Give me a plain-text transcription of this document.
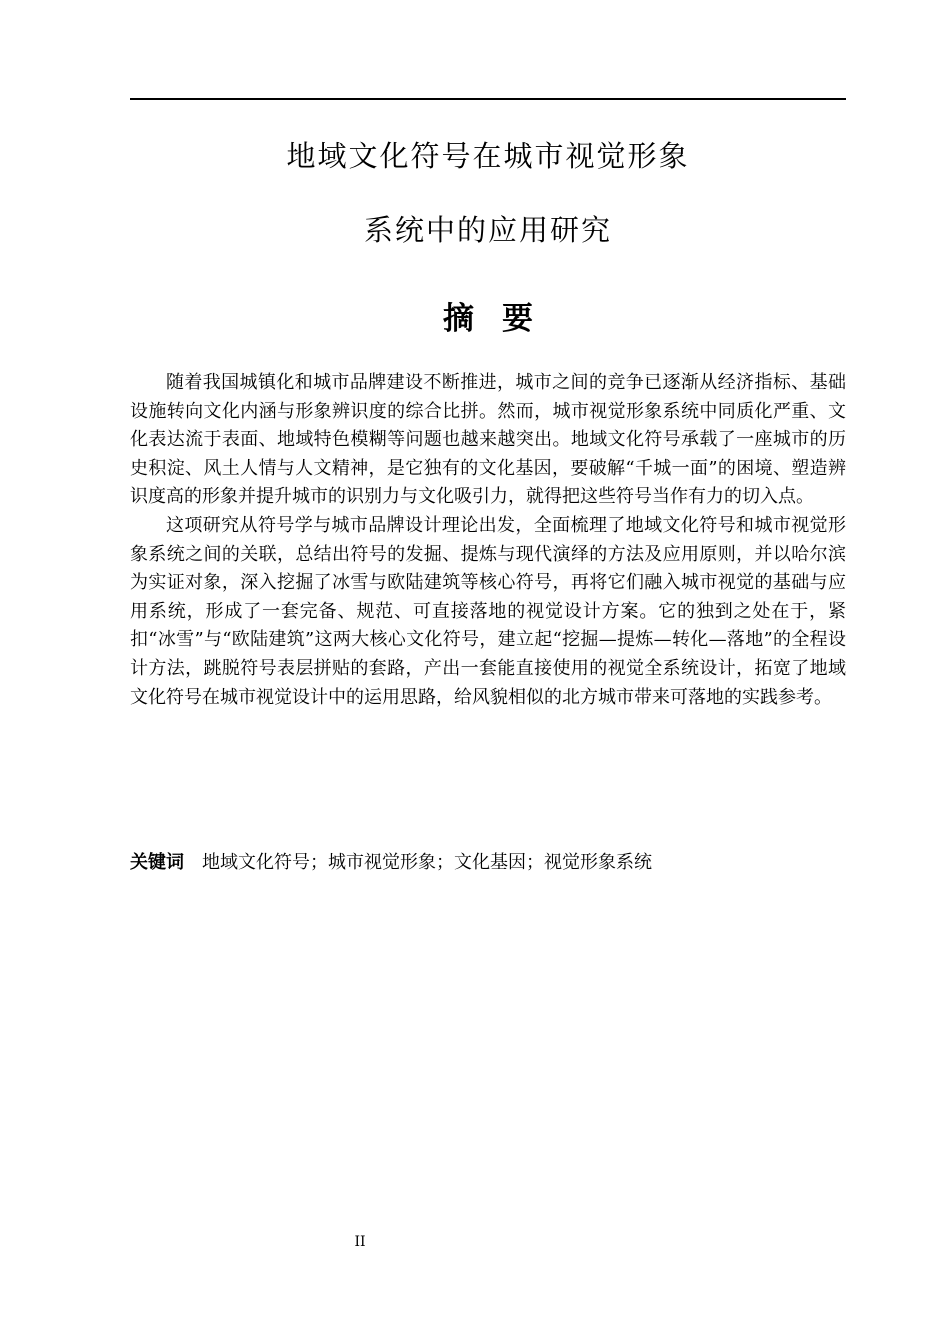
地域文化符号在城市视觉形象
系统中的应用研究
摘要

随着我国城镇化和城市品牌建设不断推进，城市之间的竞争已逐渐从经济指标、基础设施转向文化内涵与形象辨识度的综合比拼。然而，城市视觉形象系统中同质化严重、文化表达流于表面、地域特色模糊等问题也越来越突出。地域文化符号承载了一座城市的历史积淀、风土人情与人文精神，是它独有的文化基因，要破解“千城一面”的困境、塑造辨识度高的形象并提升城市的识别力与文化吸引力，就得把这些符号当作有力的切入点。

这项研究从符号学与城市品牌设计理论出发，全面梳理了地域文化符号和城市视觉形象系统之间的关联，总结出符号的发掘、提炼与现代演绎的方法及应用原则，并以哈尔滨为实证对象，深入挖掘了冰雪与欧陆建筑等核心符号，再将它们融入城市视觉的基础与应用系统，形成了一套完备、规范、可直接落地的视觉设计方案。它的独到之处在于，紧扣“冰雪”与“欧陆建筑”这两大核心文化符号，建立起“挖掘—提炼—转化—落地”的全程设计方法，跳脱符号表层拼贴的套路，产出一套能直接使用的视觉全系统设计，拓宽了地域文化符号在城市视觉设计中的运用思路，给风貌相似的北方城市带来可落地的实践参考。

关键词 地域文化符号；城市视觉形象；文化基因；视觉形象系统
II
